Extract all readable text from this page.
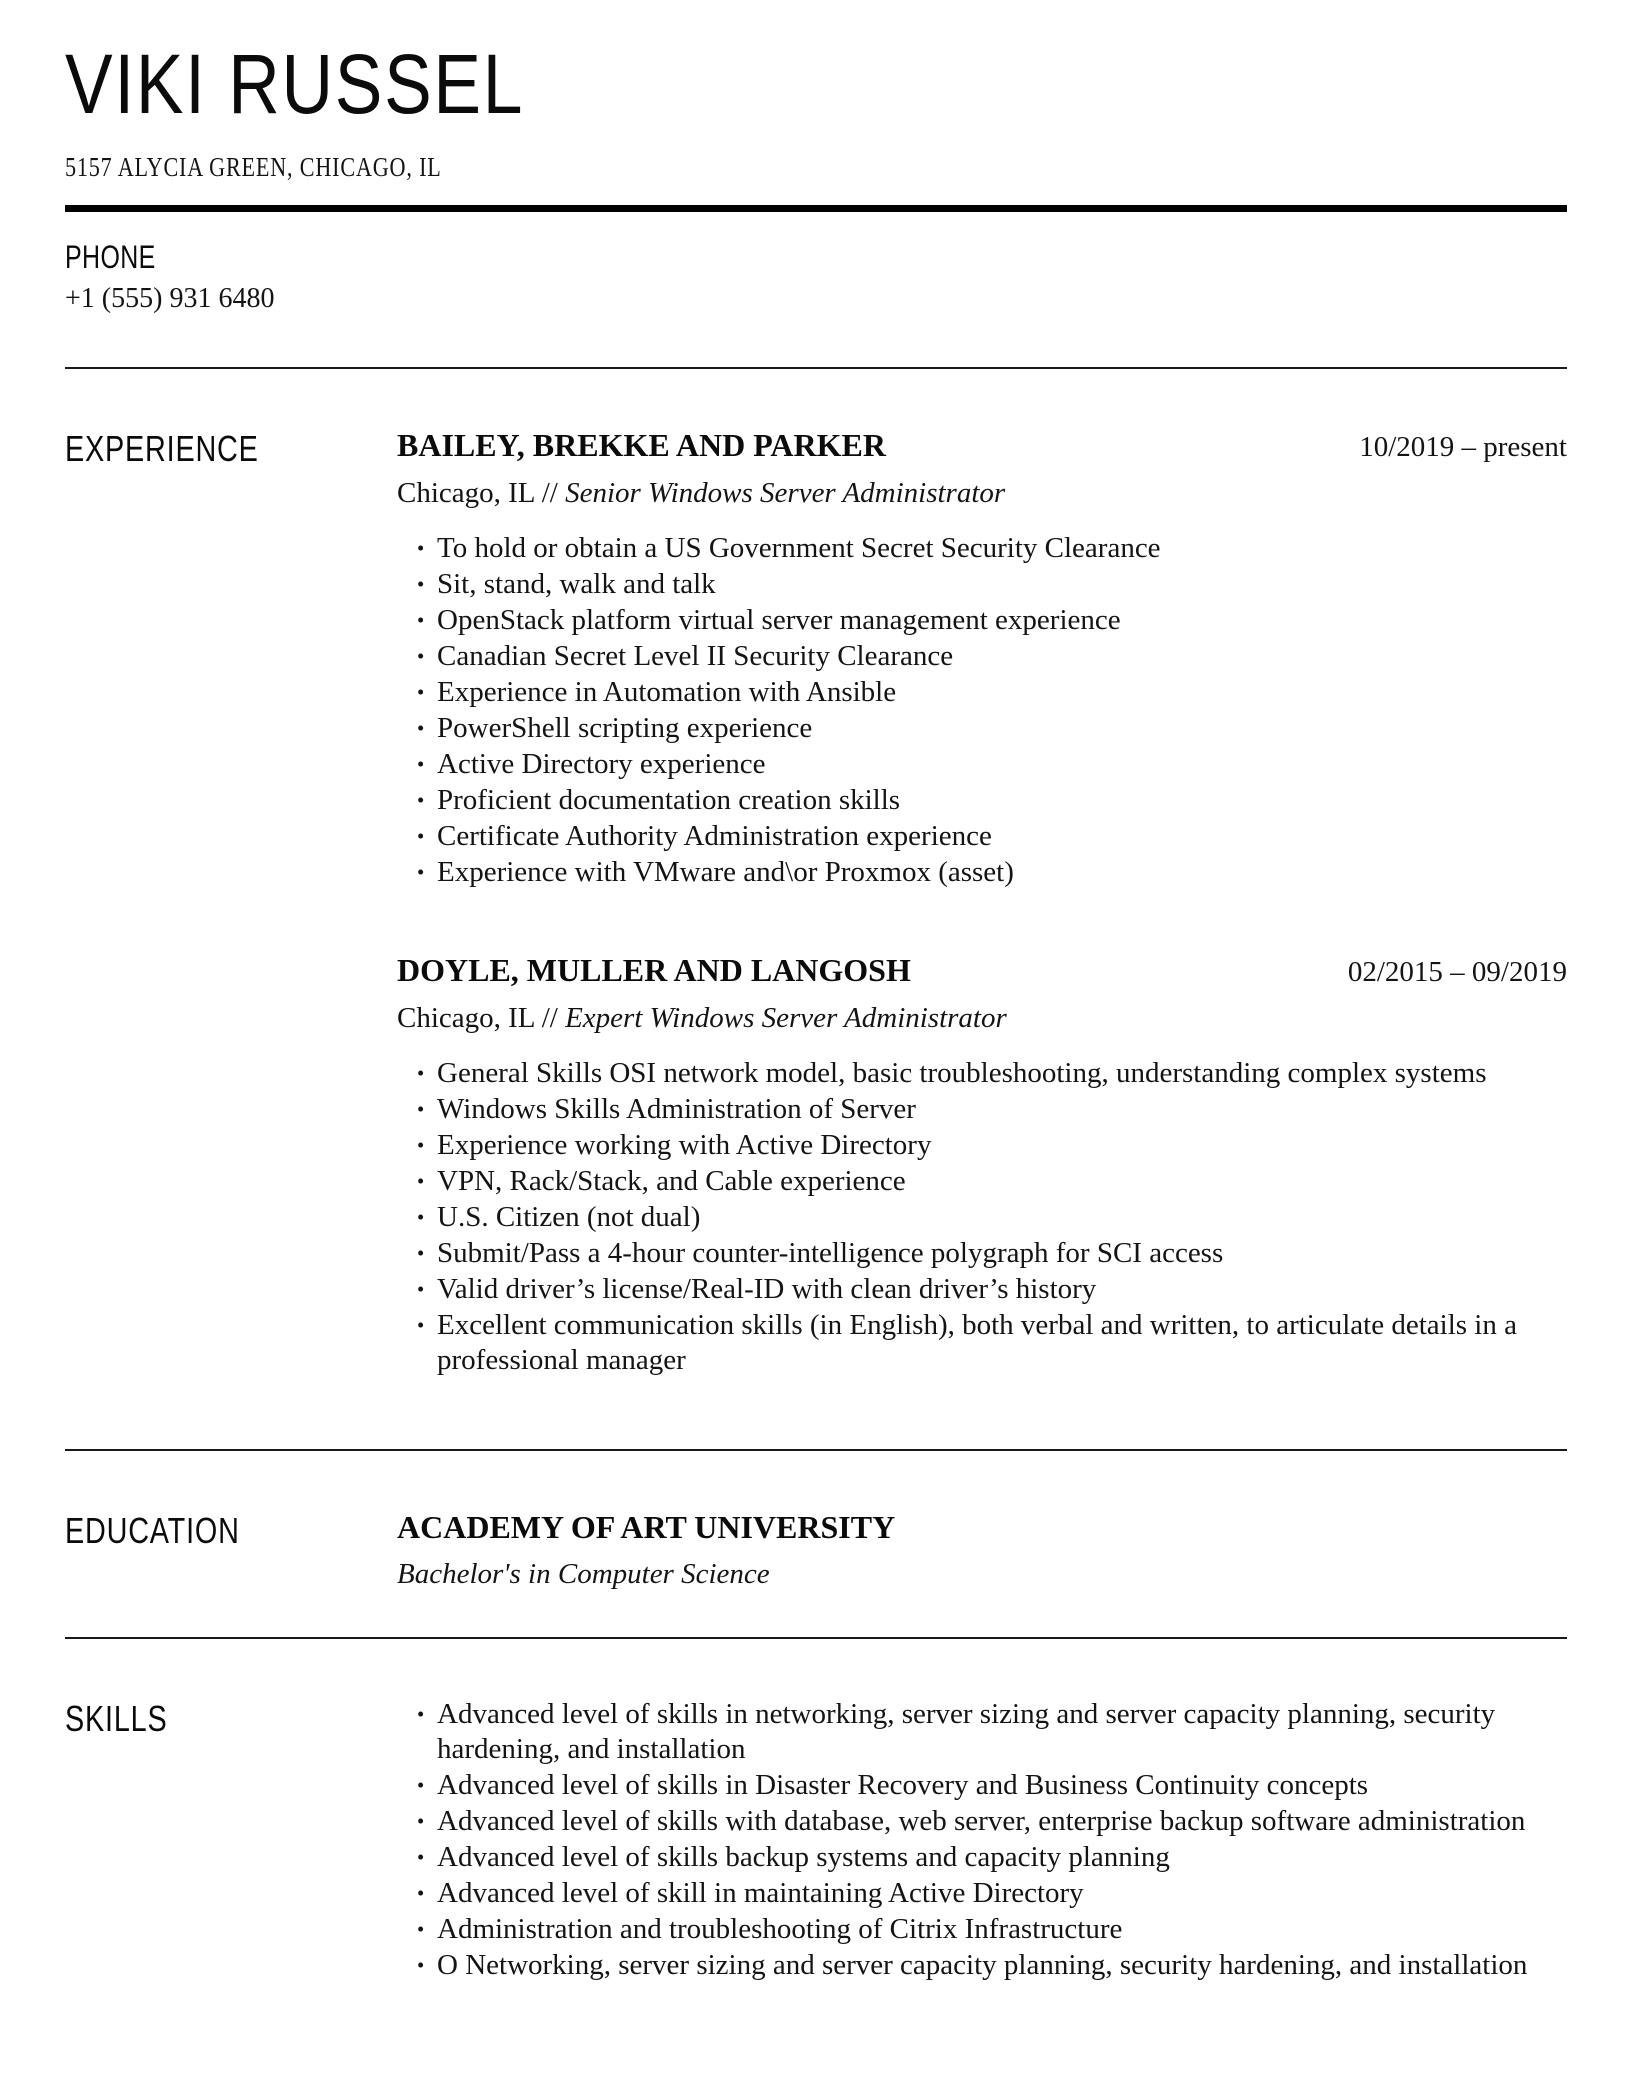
VIKI RUSSEL
5157 ALYCIA GREEN, CHICAGO, IL
PHONE
+1 (555) 931 6480
EXPERIENCE	BAILEY, BREKKE AND PARKER	10/2019 – present
Chicago, IL // Senior Windows Server Administrator
• To hold or obtain a US Government Secret Security Clearance
• Sit, stand, walk and talk
• OpenStack platform virtual server management experience
• Canadian Secret Level II Security Clearance
• Experience in Automation with Ansible
• PowerShell scripting experience
• Active Directory experience
• Proficient documentation creation skills
• Certificate Authority Administration experience
• Experience with VMware and\or Proxmox (asset)
DOYLE, MULLER AND LANGOSH	02/2015 – 09/2019
Chicago, IL // Expert Windows Server Administrator
• General Skills OSI network model, basic troubleshooting, understanding complex systems
• Windows Skills Administration of Server
• Experience working with Active Directory
• VPN, Rack/Stack, and Cable experience
• U.S. Citizen (not dual)
• Submit/Pass a 4-hour counter-intelligence polygraph for SCI access
• Valid driver’s license/Real-ID with clean driver’s history
• Excellent communication skills (in English), both verbal and written, to articulate details in a professional manager
EDUCATION	ACADEMY OF ART UNIVERSITY
Bachelor's in Computer Science
SKILLS	• Advanced level of skills in networking, server sizing and server capacity planning, security hardening, and installation
• Advanced level of skills in Disaster Recovery and Business Continuity concepts
• Advanced level of skills with database, web server, enterprise backup software administration
• Advanced level of skills backup systems and capacity planning
• Advanced level of skill in maintaining Active Directory
• Administration and troubleshooting of Citrix Infrastructure
• O Networking, server sizing and server capacity planning, security hardening, and installation
